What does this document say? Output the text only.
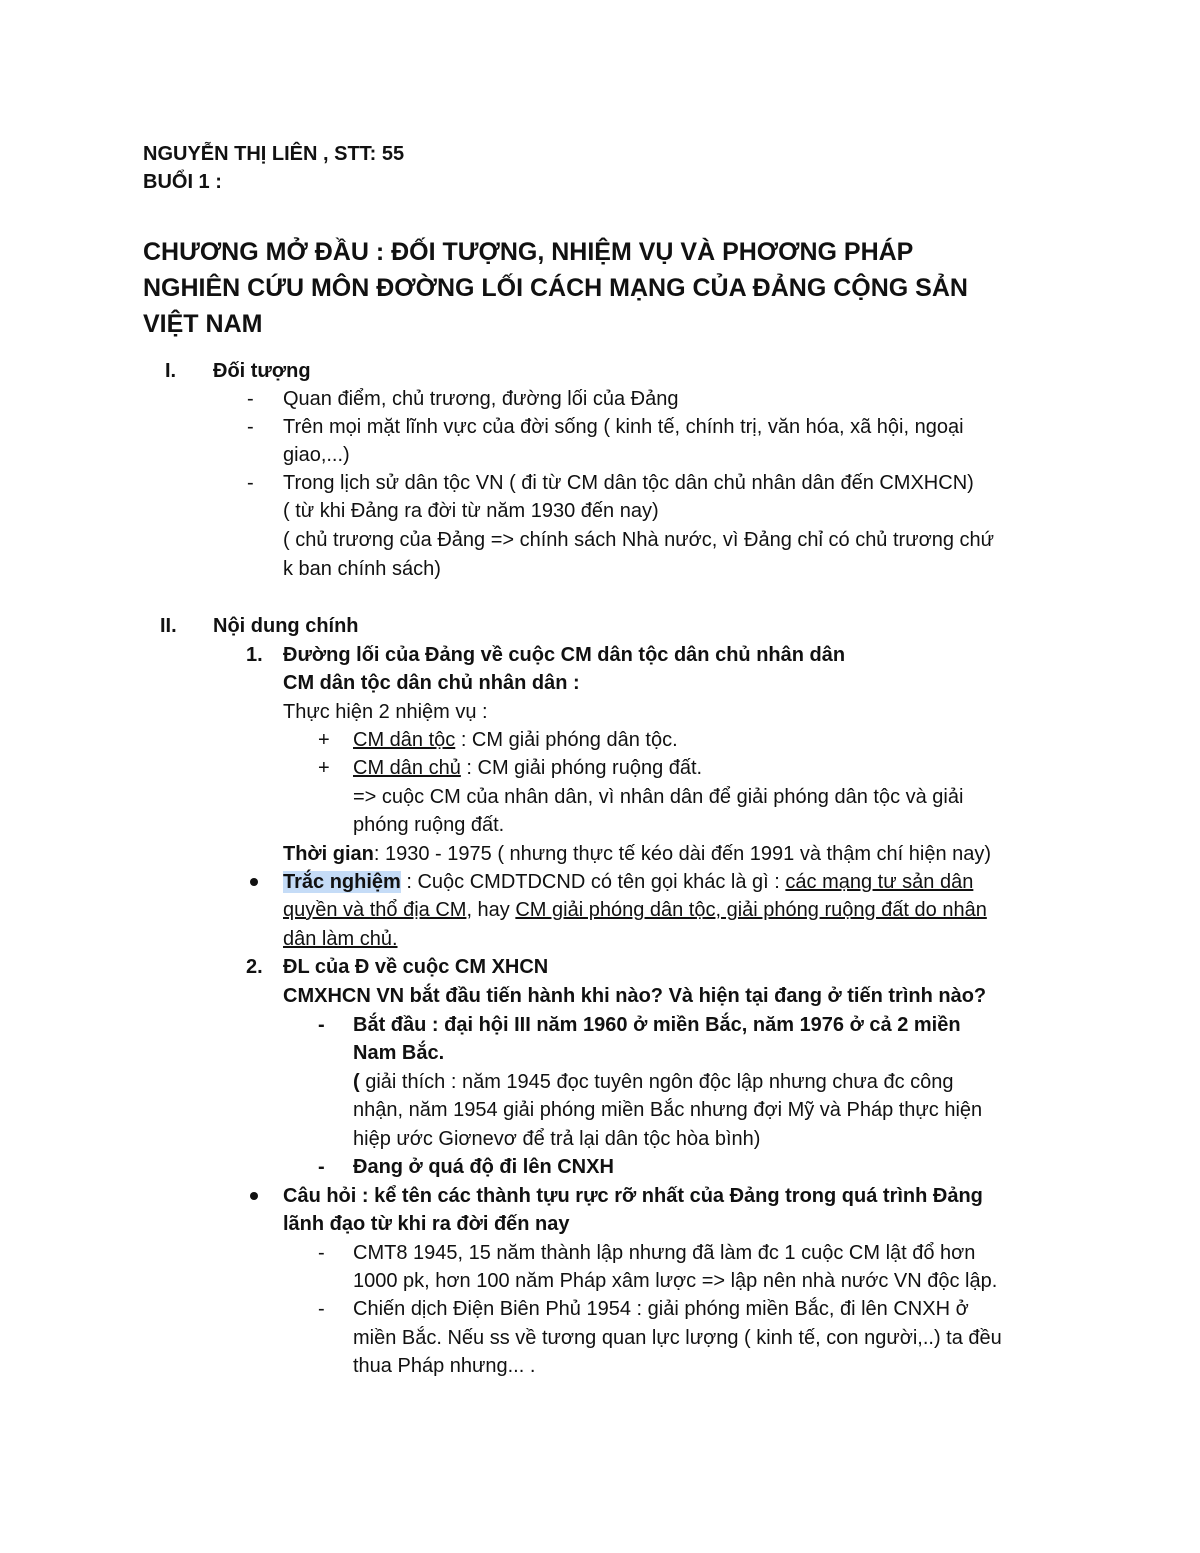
NGUYỄN THỊ LIÊN , STT: 55
BUỔI 1 :
CHƯƠNG MỞ ĐẦU : ĐỐI TƯỢNG, NHIỆM VỤ VÀ PHƠƠNG PHÁP
NGHIÊN CỨU MÔN ĐƠỜNG LỐI CÁCH MẠNG CỦA ĐẢNG CỘNG SẢN
VIỆT NAM
I. Đối tượng
- Quan điểm, chủ trương, đường lối của Đảng
- Trên mọi mặt lĩnh vực của đời sống ( kinh tế, chính trị, văn hóa, xã hội, ngoại
giao,...)
- Trong lịch sử dân tộc VN ( đi từ CM dân tộc dân chủ nhân dân đến CMXHCN)
( từ khi Đảng ra đời từ năm 1930 đến nay)
( chủ trương của Đảng => chính sách Nhà nước, vì Đảng chỉ có chủ trương chứ
k ban chính sách)
II. Nội dung chính
1. Đường lối của Đảng về cuộc CM dân tộc dân chủ nhân dân
CM dân tộc dân chủ nhân dân :
Thực hiện 2 nhiệm vụ :
+ CM dân tộc : CM giải phóng dân tộc.
+ CM dân chủ : CM giải phóng ruộng đất.
=> cuộc CM của nhân dân, vì nhân dân để giải phóng dân tộc và giải
phóng ruộng đất.
Thời gian: 1930 - 1975 ( nhưng thực tế kéo dài đến 1991 và thậm chí hiện nay)
Trắc nghiệm : Cuộc CMDTDCND có tên gọi khác là gì : các mạng tư sản dân
quyền và thổ địa CM, hay CM giải phóng dân tộc, giải phóng ruộng đất do nhân
dân làm chủ.
2. ĐL của Đ về cuộc CM XHCN
CMXHCN VN bắt đầu tiến hành khi nào? Và hiện tại đang ở tiến trình nào?
- Bắt đầu : đại hội III năm 1960 ở miền Bắc, năm 1976 ở cả 2 miền
Nam Bắc.
( giải thích : năm 1945 đọc tuyên ngôn độc lập nhưng chưa đc công
nhận, năm 1954 giải phóng miền Bắc nhưng đợi Mỹ và Pháp thực hiện
hiệp ước Giơnevơ để trả lại dân tộc hòa bình)
- Đang ở quá độ đi lên CNXH
Câu hỏi : kể tên các thành tựu rực rỡ nhất của Đảng trong quá trình Đảng
lãnh đạo từ khi ra đời đến nay
- CMT8 1945, 15 năm thành lập nhưng đã làm đc 1 cuộc CM lật đổ hơn
1000 pk, hơn 100 năm Pháp xâm lược => lập nên nhà nước VN độc lập.
- Chiến dịch Điện Biên Phủ 1954 : giải phóng miền Bắc, đi lên CNXH ở
miền Bắc. Nếu ss về tương quan lực lượng ( kinh tế, con người,..) ta đều
thua Pháp nhưng... .
